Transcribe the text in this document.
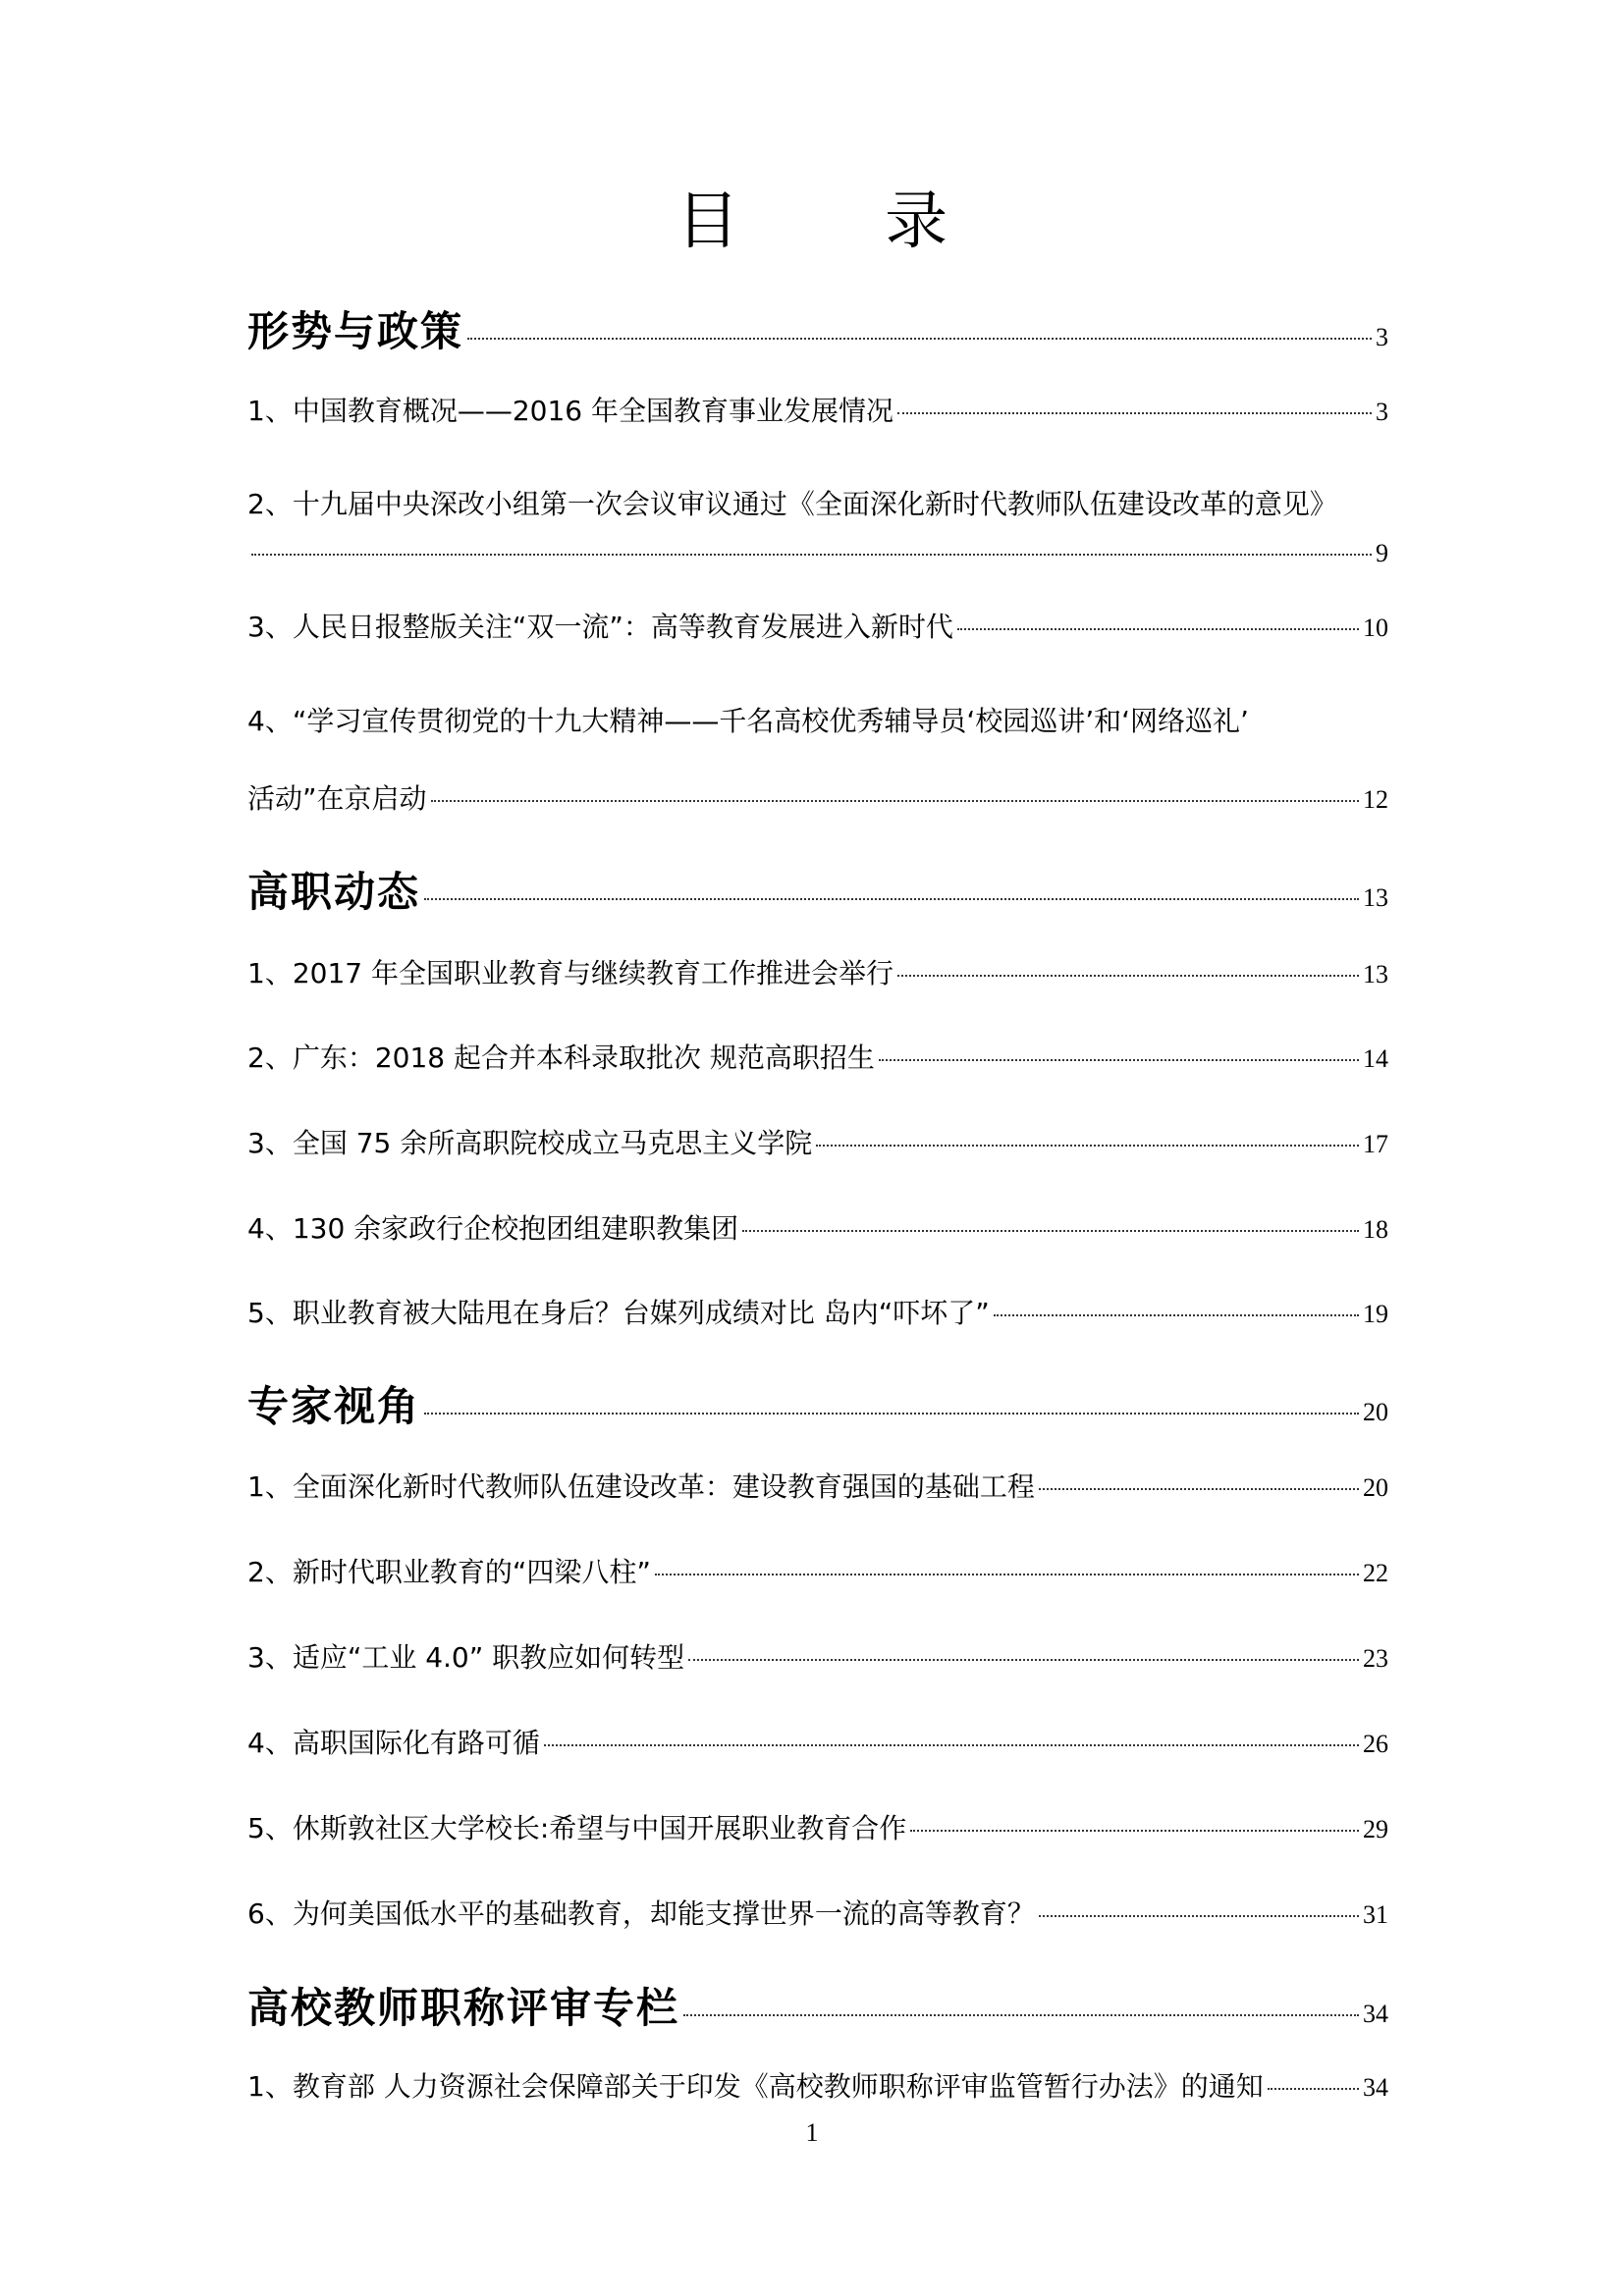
目 录
形势与政策	3
1、中国教育概况——2016 年全国教育事业发展情况	3
2、十九届中央深改小组第一次会议审议通过《全面深化新时代教师队伍建设改革的意见》
9
3、人民日报整版关注“双一流”：高等教育发展进入新时代	10
4、“学习宣传贯彻党的十九大精神——千名高校优秀辅导员‘校园巡讲’和‘网络巡礼’
活动”在京启动	12
高职动态	13
1、2017 年全国职业教育与继续教育工作推进会举行	13
2、广东：2018 起合并本科录取批次 规范高职招生	14
3、全国 75 余所高职院校成立马克思主义学院	17
4、130 余家政行企校抱团组建职教集团	18
5、职业教育被大陆甩在身后？台媒列成绩对比 岛内“吓坏了”	19
专家视角	20
1、全面深化新时代教师队伍建设改革：建设教育强国的基础工程	20
2、新时代职业教育的“四梁八柱”	22
3、适应“工业 4.0” 职教应如何转型	23
4、高职国际化有路可循	26
5、休斯敦社区大学校长:希望与中国开展职业教育合作	29
6、为何美国低水平的基础教育，却能支撑世界一流的高等教育？	31
高校教师职称评审专栏	34
1、教育部 人力资源社会保障部关于印发《高校教师职称评审监管暂行办法》的通知	34
1
